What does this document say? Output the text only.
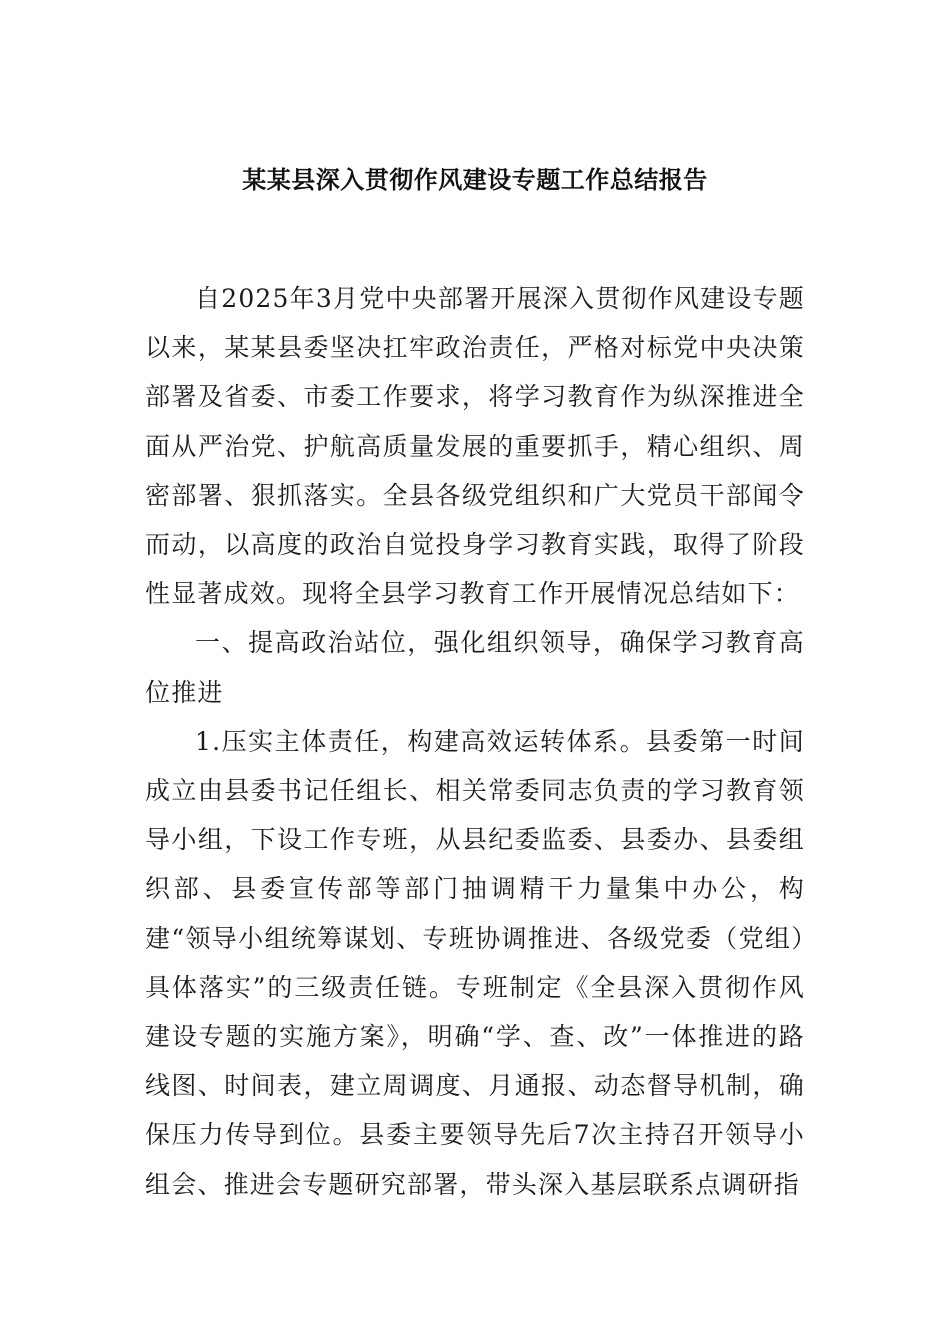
某某县深入贯彻作风建设专题工作总结报告

自2025年3月党中央部署开展深入贯彻作风建设专题以来，某某县委坚决扛牢政治责任，严格对标党中央决策部署及省委、市委工作要求，将学习教育作为纵深推进全面从严治党、护航高质量发展的重要抓手，精心组织、周密部署、狠抓落实。全县各级党组织和广大党员干部闻令而动，以高度的政治自觉投身学习教育实践，取得了阶段性显著成效。现将全县学习教育工作开展情况总结如下：

一、提高政治站位，强化组织领导，确保学习教育高位推进

1.压实主体责任，构建高效运转体系。县委第一时间成立由县委书记任组长、相关常委同志负责的学习教育领导小组，下设工作专班，从县纪委监委、县委办、县委组织部、县委宣传部等部门抽调精干力量集中办公，构建“领导小组统筹谋划、专班协调推进、各级党委（党组）具体落实”的三级责任链。专班制定《全县深入贯彻作风建设专题的实施方案》，明确“学、查、改”一体推进的路线图、时间表，建立周调度、月通报、动态督导机制，确保压力传导到位。县委主要领导先后7次主持召开领导小组会、推进会专题研究部署，带头深入基层联系点调研指
